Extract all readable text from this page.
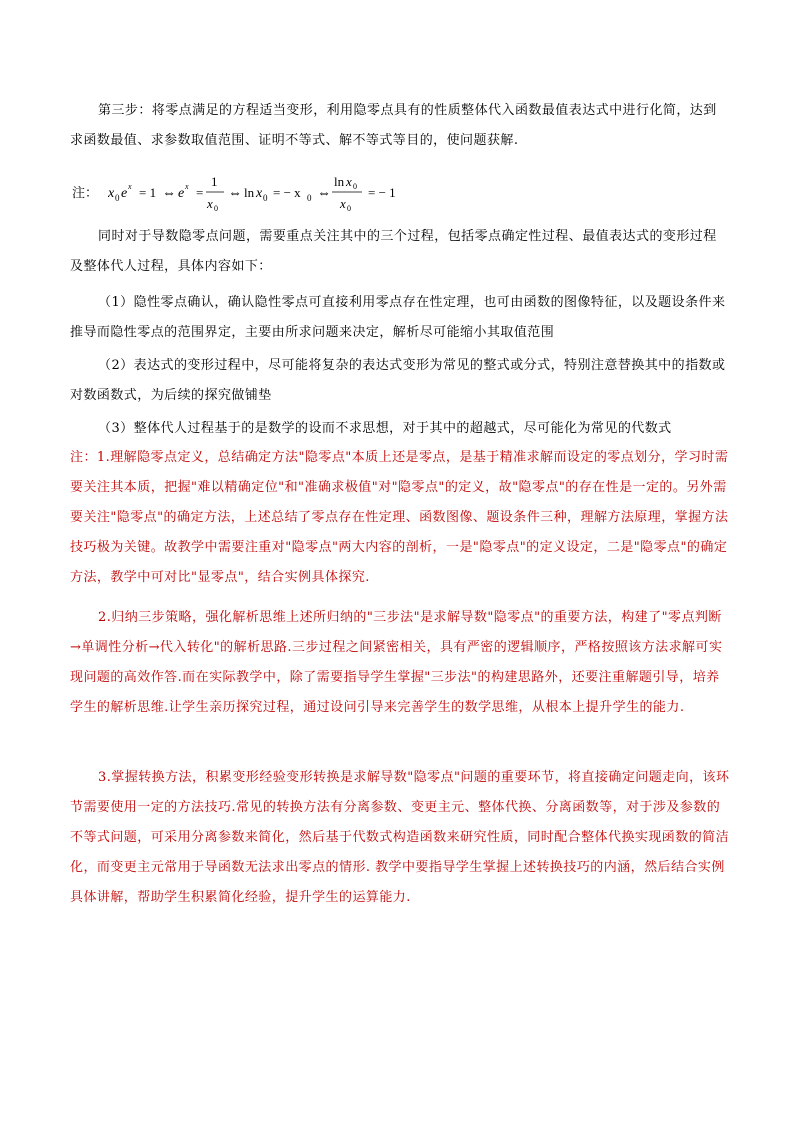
第三步：将零点满足的方程适当变形，利用隐零点具有的性质整体代入函数最值表达式中进行化简，达到求函数最值、求参数取值范围、证明不等式、解不等式等目的，使问题获解.
注： x 0 e x = 1 ⇔ e x =
1
x 0
⇔ ln x 0 = − x 0 ⇔
ln x 0
x 0
= − 1
同时对于导数隐零点问题，需要重点关注其中的三个过程，包括零点确定性过程、最值表达式的变形过程及整体代人过程，具体内容如下：
（1）隐性零点确认，确认隐性零点可直接利用零点存在性定理，也可由函数的图像特征，以及题设条件来推导而隐性零点的范围界定，主要由所求问题来决定，解析尽可能缩小其取值范围
（2）表达式的变形过程中，尽可能将复杂的表达式变形为常见的整式或分式，特别注意替换其中的指数或对数函数式，为后续的探究做铺垫
（3）整体代人过程基于的是数学的设而不求思想，对于其中的超越式，尽可能化为常见的代数式
注：1.理解隐零点定义，总结确定方法"隐零点"本质上还是零点，是基于精准求解而设定的零点划分，学习时需要关注其本质，把握"难以精确定位"和"准确求极值"对"隐零点"的定义，故"隐零点"的存在性是一定的。另外需要关注"隐零点"的确定方法，上述总结了零点存在性定理、函数图像、题设条件三种，理解方法原理，掌握方法技巧极为关键。故教学中需要注重对"隐零点"两大内容的剖析，一是"隐零点"的定义设定，二是"隐零点"的确定方法，教学中可对比"显零点"，结合实例具体探究.
2.归纳三步策略，强化解析思维上述所归纳的"三步法"是求解导数"隐零点"的重要方法，构建了"零点判断→单调性分析→代入转化"的解析思路.三步过程之间紧密相关，具有严密的逻辑顺序，严格按照该方法求解可实现问题的高效作答.而在实际教学中，除了需要指导学生掌握"三步法"的构建思路外，还要注重解题引导，培养学生的解析思维.让学生亲历探究过程，通过设问引导来完善学生的数学思维，从根本上提升学生的能力.
3.掌握转换方法，积累变形经验变形转换是求解导数"隐零点"问题的重要环节，将直接确定问题走向，该环节需要使用一定的方法技巧.常见的转换方法有分离参数、变更主元、整体代换、分离函数等，对于涉及参数的不等式问题，可采用分离参数来简化，然后基于代数式构造函数来研究性质，同时配合整体代换实现函数的简洁化，而变更主元常用于导函数无法求出零点的情形. 教学中要指导学生掌握上述转换技巧的内涵，然后结合实例具体讲解，帮助学生积累简化经验，提升学生的运算能力.
